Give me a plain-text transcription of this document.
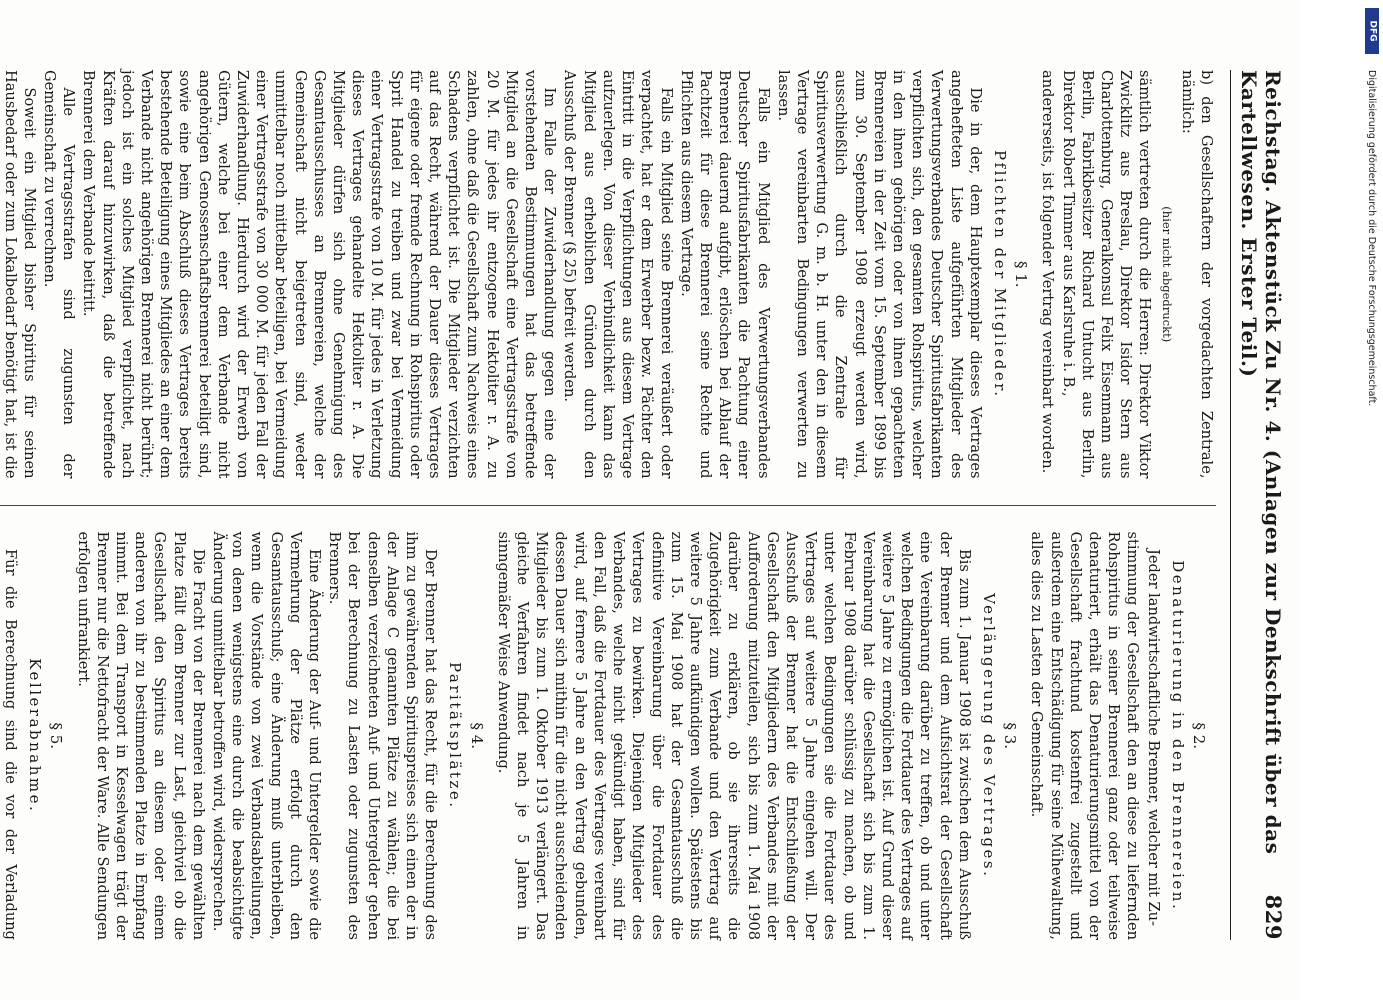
Reichstag. Aktenstück Zu Nr. 4. (Anlagen zur Denkschrift über das Kartellwesen. Erster Teil.)
829

b) den Gesellschaftern der vorgedachten Zentrale, nämlich:

(hier nicht abgedruckt)

sämtlich vertreten durch die Herren: Direktor Viktor Zwicklitz aus Breslau, Direktor Isidor Stern aus Charlottenburg, Generalkonsul Felix Eisenmann aus Berlin, Fabrikbesitzer Richard Untucht aus Berlin, Direktor Robert Timmer aus Karlsruhe i. B.,

andererseits, ist folgender Vertrag vereinbart worden.

§ 1.
Pflichten der Mitglieder.

Die in der, dem Hauptexemplar dieses Vertrages angehefteten Liste aufgeführten Mitglieder des Verwertungsverbandes Deutscher Spiritusfabrikanten verpflichten sich, den gesamten Rohspiritus, welcher in den ihnen gehörigen oder von ihnen gepachteten Brennereien in der Zeit vom 15. September 1899 bis zum 30. September 1908 erzeugt werden wird, ausschließlich durch die Zentrale für Spiritusverwertung G. m. b. H. unter den in diesem Vertrage vereinbarten Bedingungen verwerten zu lassen.

Falls ein Mitglied des Verwertungsverbandes Deutscher Spiritusfabrikanten die Pachtung einer Brennerei dauernd aufgibt, erlöschen bei Ablauf der Pachtzeit für diese Brennerei seine Rechte und Pflichten aus diesem Vertrage.

Falls ein Mitglied seine Brennerei veräußert oder verpachtet, hat er dem Erwerber bezw. Pächter den Eintritt in die Verpflichtungen aus diesem Vertrage aufzuerlegen. Von dieser Verbindlichkeit kann das Mitglied aus erheblichen Gründen durch den Ausschuß der Brenner (§ 25) befreit werden.

Im Falle der Zuwiderhandlung gegen eine der vorstehenden Bestimmungen hat das betreffende Mitglied an die Gesellschaft eine Vertragsstrafe von 20 M. für jedes ihr entzogene Hektoliter r. A. zu zahlen, ohne daß die Gesellschaft zum Nachweis eines Schadens verpflichtet ist. Die Mitglieder verzichten auf das Recht, während der Dauer dieses Vertrages für eigene oder fremde Rechnung in Rohspiritus oder Sprit Handel zu treiben und zwar bei Vermeidung einer Vertragsstrafe von 10 M. für jedes in Verletzung dieses Vertrages gehandelte Hektoliter r. A. Die Mitglieder dürfen sich ohne Genehmigung des Gesamtausschusses an Brennereien, welche der Gemeinschaft nicht beigetreten sind, weder unmittelbar noch mittelbar beteiligen, bei Vermeidung einer Vertragsstrafe von 30 000 M. für jeden Fall der Zuwiderhandlung. Hierdurch wird der Erwerb von Gütern, welche bei einer dem Verbande nicht angehörigen Genossenschaftsbrennerei beteiligt sind, sowie eine beim Abschluß dieses Vertrages bereits bestehende Beteiligung eines Mitgliedes an einer dem Verbande nicht angehörigen Brennerei nicht berührt; jedoch ist ein solches Mitglied verpflichtet, nach Kräften darauf hinzuwirken, daß die betreffende Brennerei dem Verbande beitritt.

Alle Vertragsstrafen sind zugunsten der Gemeinschaft zu verrechnen.

Soweit ein Mitglied bisher Spiritus für seinen Hausbedarf oder zum Lokalbedarf benötigt hat, ist die

§ 2.
Denaturierung in den Brennereien.

Jeder landwirtschaftliche Brenner, welcher mit Zu-

stimmung der Gesellschaft den an diese zu liefernden Rohspiritus in seiner Brennerei ganz oder teilweise denaturiert, erhält das Denaturierungsmittel von der Gesellschaft frachtund kostenfrei zugestellt und außerdem eine Entschädigung für seine Mühewaltung, alles dies zu Lasten der Gemeinschaft.

§ 3.
Verlängerung des Vertrages.

Bis zum 1. Januar 1908 ist zwischen dem Ausschuß der Brenner und dem Aufsichtsrat der Gesellschaft eine Vereinbarung darüber zu treffen, ob und unter welchen Bedingungen die Fortdauer des Vertrages auf weitere 5 Jahre zu ermöglichen ist. Auf Grund dieser Vereinbarung hat die Gesellschaft sich bis zum 1. Februar 1908 darüber schlüssig zu machen, ob und unter welchen Bedingungen sie die Fortdauer des Vertrages auf weitere 5 Jahre eingehen will. Der Ausschuß der Brenner hat die Entschließung der Gesellschaft den Mitgliedern des Verbandes mit der Aufforderung mitzuteilen, sich bis zum 1. Mai 1908 darüber zu erklären, ob sie ihrerseits die Zugehörigkeit zum Verbande und den Vertrag auf weitere 5 Jahre aufkündigen wollen. Spätestens bis zum 15. Mai 1908 hat der Gesamtausschuß die definitive Vereinbarung über die Fortdauer des Vertrages zu bewirken. Diejenigen Mitglieder des Verbandes, welche nicht gekündigt haben, sind für den Fall, daß die Fortdauer des Vertrages vereinbart wird, auf fernere 5 Jahre an den Vertrag gebunden, dessen Dauer sich mithin für die nicht ausscheidenden Mitglieder bis zum 1. Oktober 1913 verlängert. Das gleiche Verfahren findet nach je 5 Jahren in sinngemäßer Weise Anwendung.

§ 4.
Paritätsplätze.

Der Brenner hat das Recht, für die Berechnung des ihm zu gewährenden Spirituspreises sich einen der in der Anlage C genannten Plätze zu wählen; die bei denselben verzeichneten Auf- und Untergelder gehen bei der Berechnung zu Lasten oder zugunsten des Brenners.

Eine Änderung der Auf- und Untergelder sowie die Vermehrung der Plätze erfolgt durch den Gesamtausschuß; eine Änderung muß unterbleiben, wenn die Vorstände von zwei Verbandsabteilungen, von denen wenigstens eine durch die beabsichtigte Änderung unmittelbar betroffen wird, widersprechen.

Die Fracht von der Brennerei nach dem gewählten Platze fällt dem Brenner zur Last, gleichviel ob die Gesellschaft den Spiritus an diesem oder einem anderen von ihr zu bestimmenden Platze in Empfang nimmt. Bei dem Transport in Kesselwagen trägt der Brenner nur die Nettofracht der Ware. Alle Sendungen erfolgen unfrankiert.

§ 5.
Kellerabnahme.

Für die Berechnung sind die vor der Verladung

DFG
Digitalisierung gefördert durch die Deutsche Forschungsgemeinschaft.
